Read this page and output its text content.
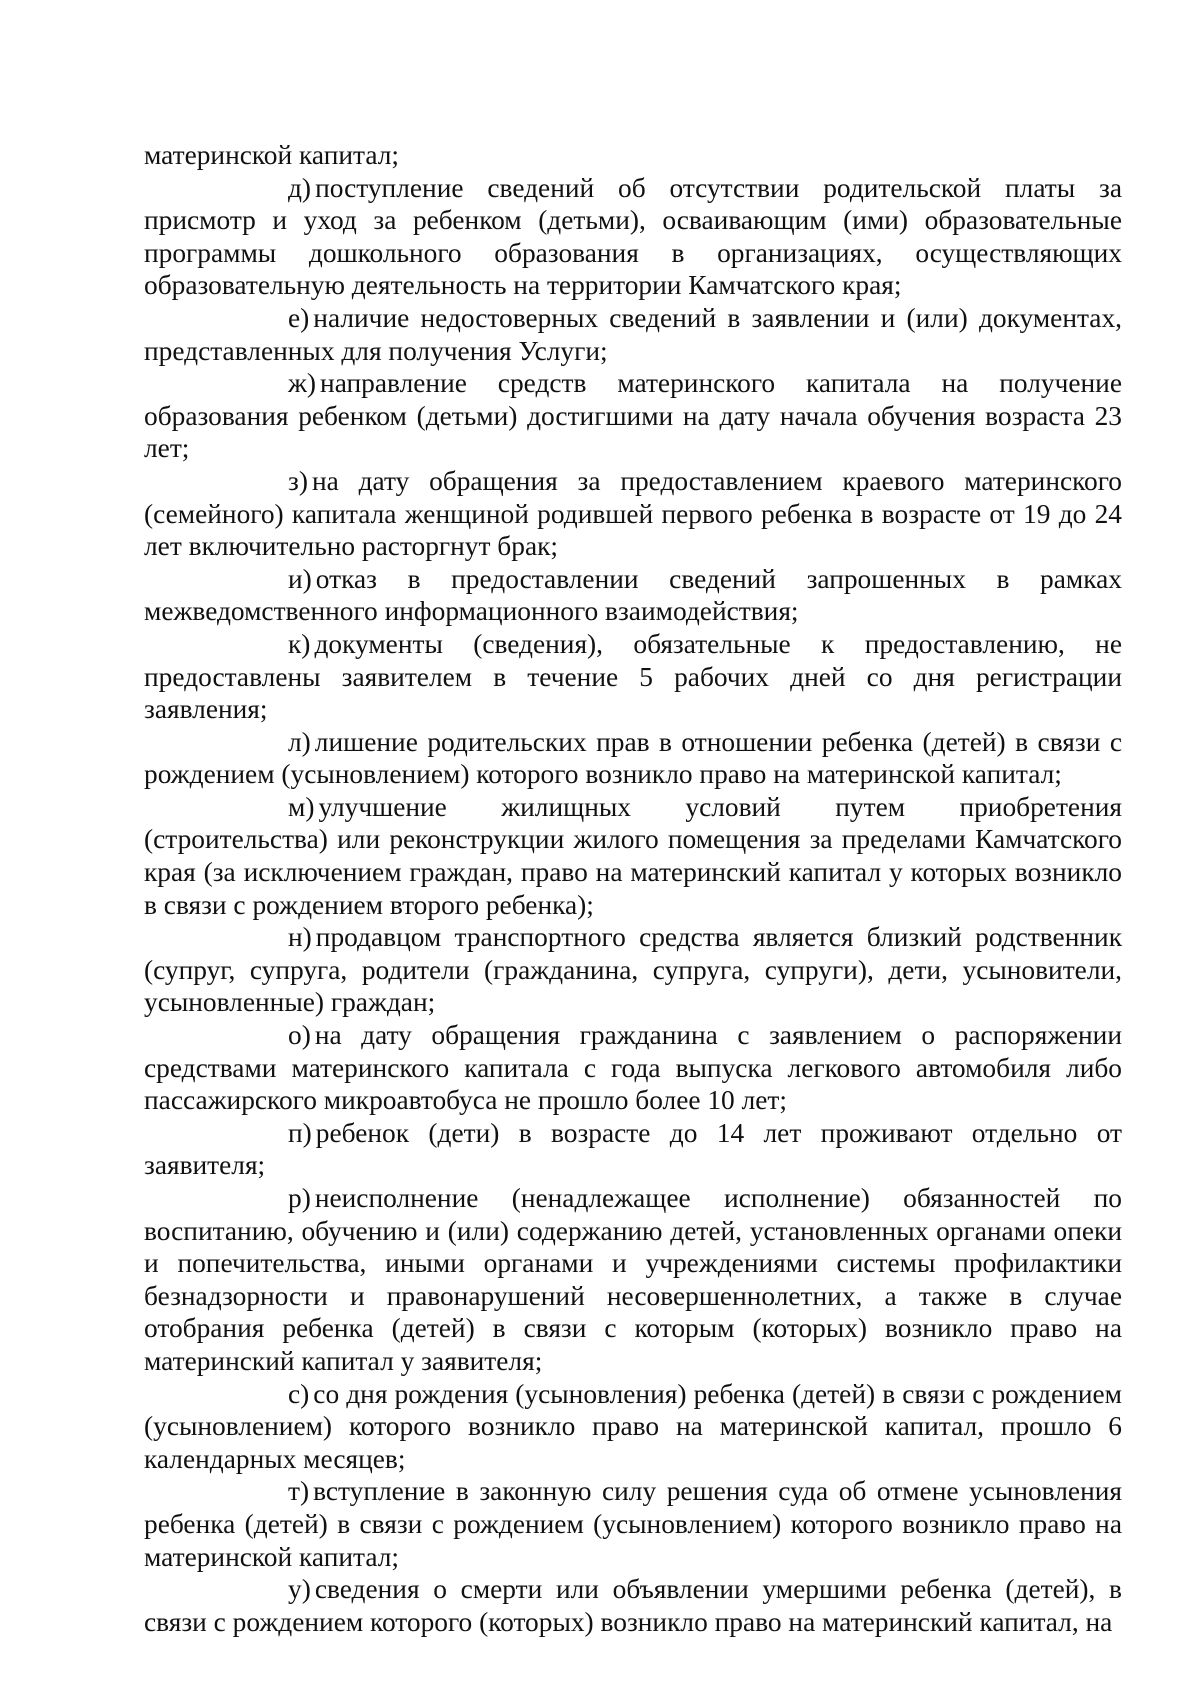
материнской капитал;

д) поступление сведений об отсутствии родительской платы за присмотр и уход за ребенком (детьми), осваивающим (ими) образовательные программы дошкольного образования в организациях, осуществляющих образовательную деятельность на территории Камчатского края;

е) наличие недостоверных сведений в заявлении и (или) документах, представленных для получения Услуги;

ж) направление средств материнского капитала на получение образования ребенком (детьми) достигшими на дату начала обучения возраста 23 лет;

з) на дату обращения за предоставлением краевого материнского (семейного) капитала женщиной родившей первого ребенка в возрасте от 19 до 24 лет включительно расторгнут брак;

и) отказ в предоставлении сведений запрошенных в рамках межведомственного информационного взаимодействия;

к) документы (сведения), обязательные к предоставлению, не предоставлены заявителем в течение 5 рабочих дней со дня регистрации заявления;

л) лишение родительских прав в отношении ребенка (детей) в связи с рождением (усыновлением) которого возникло право на материнской капитал;

м) улучшение жилищных условий путем приобретения (строительства) или реконструкции жилого помещения за пределами Камчатского края (за исключением граждан, право на материнский капитал у которых возникло в связи с рождением второго ребенка);

н) продавцом транспортного средства является близкий родственник (супруг, супруга, родители (гражданина, супруга, супруги), дети, усыновители, усыновленные) граждан;

о) на дату обращения гражданина с заявлением о распоряжении средствами материнского капитала с года выпуска легкового автомобиля либо пассажирского микроавтобуса не прошло более 10 лет;

п) ребенок (дети) в возрасте до 14 лет проживают отдельно от заявителя;

р) неисполнение (ненадлежащее исполнение) обязанностей по воспитанию, обучению и (или) содержанию детей, установленных органами опеки и попечительства, иными органами и учреждениями системы профилактики безнадзорности и правонарушений несовершеннолетних, а также в случае отобрания ребенка (детей) в связи с которым (которых) возникло право на материнский капитал у заявителя;

с) со дня рождения (усыновления) ребенка (детей) в связи с рождением (усыновлением) которого возникло право на материнской капитал, прошло 6 календарных месяцев;

т) вступление в законную силу решения суда об отмене усыновления ребенка (детей) в связи с рождением (усыновлением) которого возникло право на материнской капитал;

у) сведения о смерти или объявлении умершими ребенка (детей), в связи с рождением которого (которых) возникло право на материнский капитал, на
